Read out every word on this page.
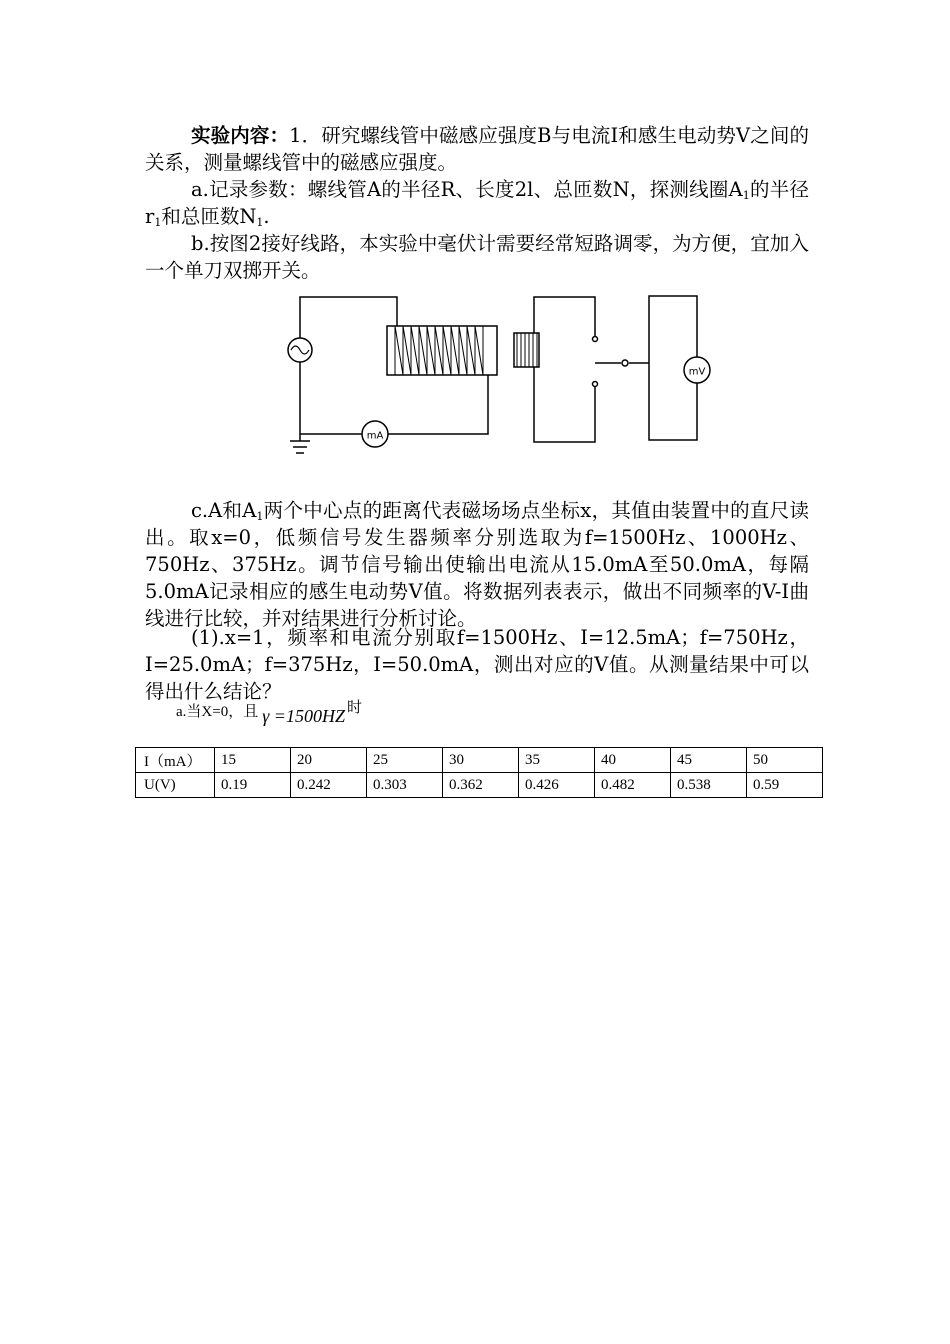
实验内容：1．研究螺线管中磁感应强度B与电流I和感生电动势V之间的关系，测量螺线管中的磁感应强度。
a.记录参数：螺线管A的半径R、长度2l、总匝数N，探测线圈$A_1$的半径$r_1$和总匝数$N_1$.
b.按图2接好线路，本实验中毫伏计需要经常短路调零，为方便，宜加入一个单刀双掷开关。
mA
mV
c.A和$A_1$两个中心点的距离代表磁场场点坐标x，其值由装置中的直尺读出。取x=0，低频信号发生器频率分别选取为f=1500Hz、1000Hz、750Hz、375Hz。调节信号输出使输出电流从15.0mA至50.0mA，每隔5.0mA记录相应的感生电动势V值。将数据列表表示，做出不同频率的V-I曲线进行比较，并对结果进行分析讨论。
(1).x=1，频率和电流分别取f=1500Hz、I=12.5mA；f=750Hz，I=25.0mA；f=375Hz，I=50.0mA，测出对应的V值。从测量结果中可以得出什么结论？
a.当X=0，且 γ =1500HZ 时
I（mA）	15	20	25	30	35	40	45	50
U(V)	0.19	0.242	0.303	0.362	0.426	0.482	0.538	0.59
